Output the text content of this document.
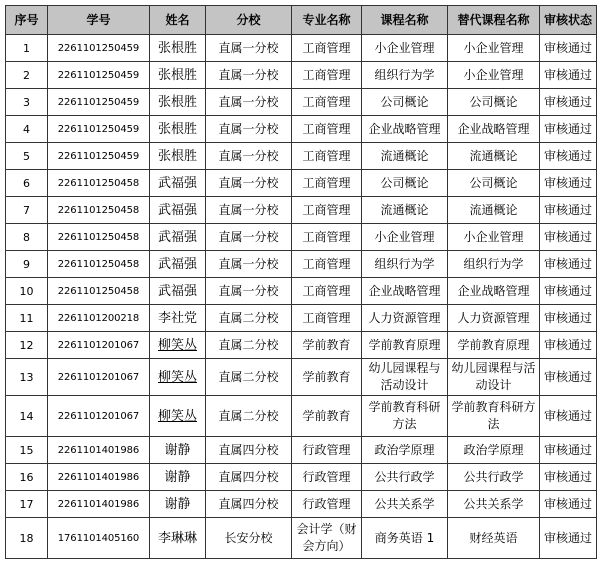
序号	学号	姓名	分校	专业名称	课程名称	替代课程名称	审核状态
1	2261101250459	张根胜	直属一分校	工商管理	小企业管理	小企业管理	审核通过
2	2261101250459	张根胜	直属一分校	工商管理	组织行为学	小企业管理	审核通过
3	2261101250459	张根胜	直属一分校	工商管理	公司概论	公司概论	审核通过
4	2261101250459	张根胜	直属一分校	工商管理	企业战略管理	企业战略管理	审核通过
5	2261101250459	张根胜	直属一分校	工商管理	流通概论	流通概论	审核通过
6	2261101250458	武福强	直属一分校	工商管理	公司概论	公司概论	审核通过
7	2261101250458	武福强	直属一分校	工商管理	流通概论	流通概论	审核通过
8	2261101250458	武福强	直属一分校	工商管理	小企业管理	小企业管理	审核通过
9	2261101250458	武福强	直属一分校	工商管理	组织行为学	组织行为学	审核通过
10	2261101250458	武福强	直属一分校	工商管理	企业战略管理	企业战略管理	审核通过
11	2261101200218	李社党	直属二分校	工商管理	人力资源管理	人力资源管理	审核通过
12	2261101201067	柳笑丛	直属二分校	学前教育	学前教育原理	学前教育原理	审核通过
13	2261101201067	柳笑丛	直属二分校	学前教育	幼儿园课程与活动设计	幼儿园课程与活动设计	审核通过
14	2261101201067	柳笑丛	直属二分校	学前教育	学前教育科研方法	学前教育科研方法	审核通过
15	2261101401986	谢静	直属四分校	行政管理	政治学原理	政治学原理	审核通过
16	2261101401986	谢静	直属四分校	行政管理	公共行政学	公共行政学	审核通过
17	2261101401986	谢静	直属四分校	行政管理	公共关系学	公共关系学	审核通过
18	1761101405160	李琳琳	长安分校	会计学（财会方向）	商务英语 1	财经英语	审核通过
